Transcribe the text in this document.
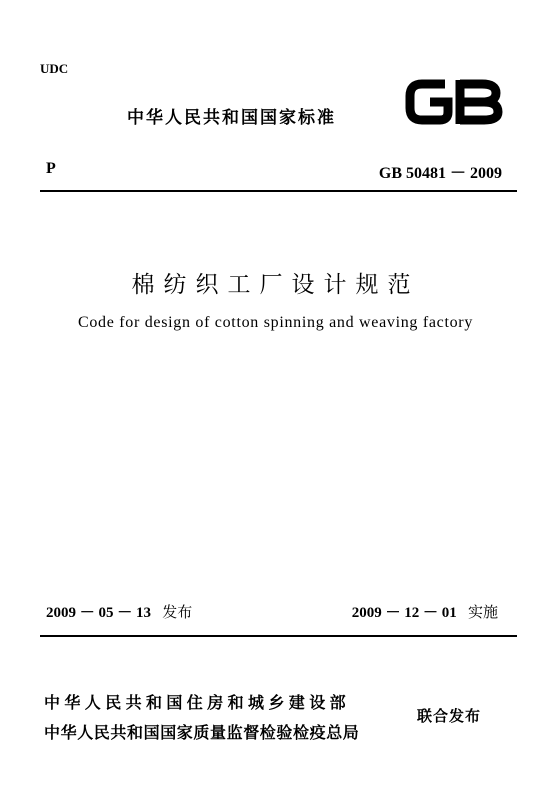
UDC
中华人民共和国国家标准
P	GB 50481 － 2009
棉纺织工厂设计规范
Code for design of cotton spinning and weaving factory
2009 － 05 － 13 发布	2009 － 12 － 01 实施
中华人民共和国住房和城乡建设部
中华人民共和国国家质量监督检验检疫总局
联合发布
